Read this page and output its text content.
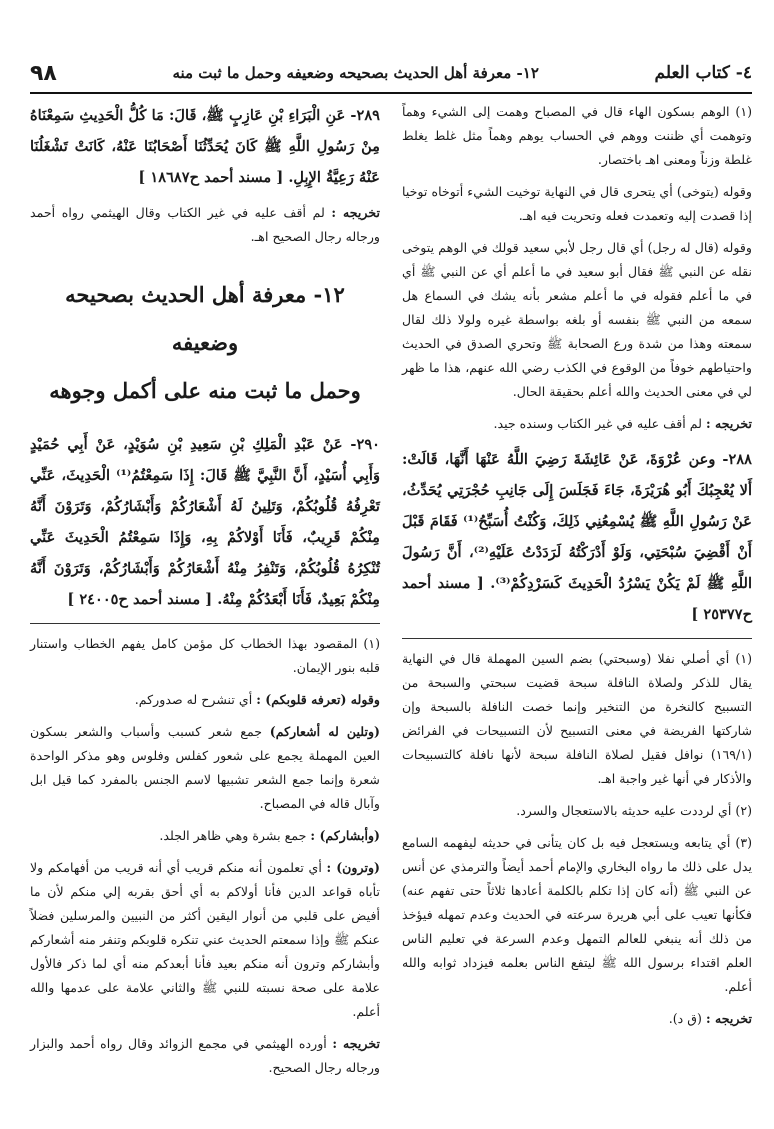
٤- كتاب العلم
١٢- معرفة أهل الحديث بصحيحه وضعيفه وحمل ما ثبت منه
٩٨

(١) الوهم بسكون الهاء قال في المصباح وهمت إلى الشيء وهماً وتوهمت أي ظننت ووهم في الحساب يوهم وهماً مثل غلط يغلط غلطة وزناً ومعنى اهـ باختصار.

وقوله (يتوخى) أي يتحرى قال في النهاية توخيت الشيء أتوخاه توخيا إذا قصدت إليه وتعمدت فعله وتحريت فيه اهـ.

وقوله (قال له رجل) أي قال رجل لأبي سعيد قولك في الوهم يتوخى نقله عن النبي ﷺ فقال أبو سعيد في ما أعلم أي عن النبي ﷺ أي في ما أعلم فقوله في ما أعلم مشعر بأنه يشك في السماع هل سمعه من النبي ﷺ بنفسه أو بلغه بواسطة غيره ولولا ذلك لقال سمعته وهذا من شدة ورع الصحابة ﷺ وتحري الصدق في الحديث واحتياطهم خوفاً من الوقوع في الكذب رضي الله عنهم، هذا ما ظهر لي في معنى الحديث والله أعلم بحقيقة الحال.

تخريجه : لم أقف عليه في غير الكتاب وسنده جيد.

٢٨٨- وعن عُرْوَةَ، عَنْ عَائِشَةَ رَضِيَ اللَّهُ عَنْهَا أَنَّهَا، قَالَتْ: أَلا يُعْجِبُكَ أَبُو هُرَيْرَةَ، جَاءَ فَجَلَسَ إِلَى جَانِبِ حُجْرَتِي يُحَدِّثُ، عَنْ رَسُولِ اللَّهِ ﷺ يُسْمِعُنِي ذَلِكَ، وَكُنْتُ أُسَبِّحُ⁽¹⁾ فَقَامَ قَبْلَ أَنْ أَقْضِيَ سُبْحَتِي، وَلَوْ أَدْرَكْتُهُ لَرَدَدْتُ عَلَيْهِ⁽²⁾، أَنَّ رَسُولَ اللَّهِ ﷺ لَمْ يَكُنْ يَسْرُدُ الْحَدِيثَ كَسَرْدِكُمْ⁽³⁾. [ مسند أحمد ح٢٥٣٧٧ ]

(١) أي أصلي نفلا (وسبحتي) بضم السين المهملة قال في النهاية يقال للذكر ولصلاة النافلة سبحة قضيت سبحتي والسبحة من التسبيح كالنخرة من التنخير وإنما خصت النافلة بالسبحة وإن شاركتها الفريضة في معنى التسبيح لأن التسبيحات في الفرائض (١٦٩/١) نوافل فقيل لصلاة النافلة سبحة لأنها نافلة كالتسبيحات والأذكار في أنها غير واجبة اهـ.

(٢) أي لرددت عليه حديثه بالاستعجال والسرد.

(٣) أي يتابعه ويستعجل فيه بل كان يتأنى في حديثه ليفهمه السامع يدل على ذلك ما رواه البخاري والإمام أحمد أيضاً والترمذي عن أنس عن النبي ﷺ (أنه كان إذا تكلم بالكلمة أعادها ثلاثاً حتى تفهم عنه) فكأنها تعيب على أبي هريرة سرعته في الحديث وعدم تمهله فيؤخذ من ذلك أنه ينبغي للعالم التمهل وعدم السرعة في تعليم الناس العلم اقتداء برسول الله ﷺ ليتفع الناس بعلمه فيزداد ثوابه والله أعلم.

تخريجه : (ق د).

٢٨٩- عَنِ الْبَرَاءِ بْنِ عَازِبٍ ﷺ، قَالَ: مَا كُلُّ الْحَدِيثِ سَمِعْنَاهُ مِنْ رَسُولِ اللَّهِ ﷺ كَانَ يُحَدِّثُنَا أَصْحَابُنَا عَنْهُ، كَانَتْ تَشْغَلُنَا عَنْهُ رَعِيَّةُ الإِبِلِ. [ مسند أحمد ح١٨٦٨٧ ]

تخريجه : لم أقف عليه في غير الكتاب وقال الهيثمي رواه أحمد ورجاله رجال الصحيح اهـ.

١٢- معرفة أهل الحديث بصحيحه وضعيفه
وحمل ما ثبت منه على أكمل وجوهه

٢٩٠- عَنْ عَبْدِ الْمَلِكِ بْنِ سَعِيدِ بْنِ سُوَيْدٍ، عَنْ أَبِي حُمَيْدٍ وَأَبِي أُسَيْدٍ، أَنَّ النَّبِيَّ ﷺ قَالَ: إِذَا سَمِعْتُمُ⁽¹⁾ الْحَدِيثَ، عَنِّي تَعْرِفُهُ قُلُوبُكُمْ، وَتَلِينُ لَهُ أَشْعَارُكُمْ وَأَبْشَارُكُمْ، وَتَرَوْنَ أَنَّهُ مِنْكُمْ قَرِيبٌ، فَأَنَا أَوْلاكُمْ بِهِ، وَإِذَا سَمِعْتُمُ الْحَدِيثَ عَنِّي تُنْكِرُهُ قُلُوبُكُمْ، وَتَنْفِرُ مِنْهُ أَشْعَارُكُمْ وَأَبْشَارُكُمْ، وَتَرَوْنَ أَنَّهُ مِنْكُمْ بَعِيدٌ، فَأَنَا أَبْعَدُكُمْ مِنْهُ. [ مسند أحمد ح٢٤٠٠٥ ]

(١) المقصود بهذا الخطاب كل مؤمن كامل يفهم الخطاب واستنار قلبه بنور الإيمان.

وقوله (تعرفه قلوبكم) : أي تنشرح له صدوركم.

(وتلين له أشعاركم) جمع شعر كسبب وأسباب والشعر بسكون العين المهملة يجمع على شعور كفلس وفلوس وهو مذكر الواحدة شعرة وإنما جمع الشعر تشبيها لاسم الجنس بالمفرد كما قيل ابل وآبال قاله في المصباح.

(وأبشاركم) : جمع بشرة وهي ظاهر الجلد.

(وترون) : أي تعلمون أنه منكم قريب أي أنه قريب من أفهامكم ولا تأباه قواعد الدين فأنا أولاكم به أي أحق بقربه إلي منكم لأن ما أفيض على قلبي من أنوار اليقين أكثر من النبيين والمرسلين فضلاً عنكم ﷺ وإذا سمعتم الحديث عني تنكره قلوبكم وتنفر منه أشعاركم وأبشاركم وترون أنه منكم بعيد فأنا أبعدكم منه أي لما ذكر فالأول علامة على صحة نسبته للنبي ﷺ والثاني علامة على عدمها والله أعلم.

تخريجه : أورده الهيثمي في مجمع الزوائد وقال رواه أحمد والبزار ورجاله رجال الصحيح.
